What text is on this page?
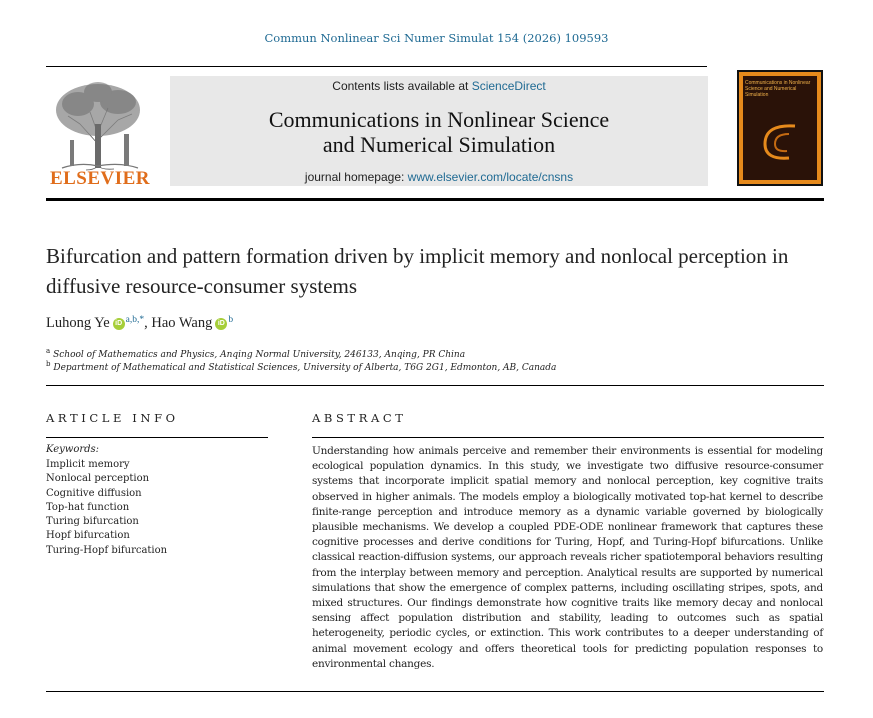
Commun Nonlinear Sci Numer Simulat 154 (2026) 109593
ELSEVIER
Contents lists available at ScienceDirect
Communications in Nonlinear Science
and Numerical Simulation
journal homepage: www.elsevier.com/locate/cnsns
Communications in Nonlinear Science and Numerical Simulation
Bifurcation and pattern formation driven by implicit memory and nonlocal perception in diffusive resource-consumer systems
Luhong Ye iD $^{a,b,*}$, Hao Wang iD $^b$
$^a$ School of Mathematics and Physics, Anqing Normal University, 246133, Anqing, PR China
$^b$ Department of Mathematical and Statistical Sciences, University of Alberta, T6G 2G1, Edmonton, AB, Canada
ARTICLE INFO	ABSTRACT
Keywords:
Implicit memory
Nonlocal perception
Cognitive diffusion
Top-hat function
Turing bifurcation
Hopf bifurcation
Turing-Hopf bifurcation

Understanding how animals perceive and remember their environments is essential for modeling ecological population dynamics. In this study, we investigate two diffusive resource-consumer systems that incorporate implicit spatial memory and nonlocal perception, key cognitive traits observed in higher animals. The models employ a biologically motivated top-hat kernel to describe finite-range perception and introduce memory as a dynamic variable governed by biologically plausible mechanisms. We develop a coupled PDE-ODE nonlinear framework that captures these cognitive processes and derive conditions for Turing, Hopf, and Turing-Hopf bifurcations. Unlike classical reaction-diffusion systems, our approach reveals richer spatiotemporal behaviors resulting from the interplay between memory and perception. Analytical results are supported by numerical simulations that show the emergence of complex patterns, including oscillating stripes, spots, and mixed structures. Our findings demonstrate how cognitive traits like memory decay and nonlocal sensing affect population distribution and stability, leading to outcomes such as spatial heterogeneity, periodic cycles, or extinction. This work contributes to a deeper understanding of animal movement ecology and offers theoretical tools for predicting population responses to environmental changes.
